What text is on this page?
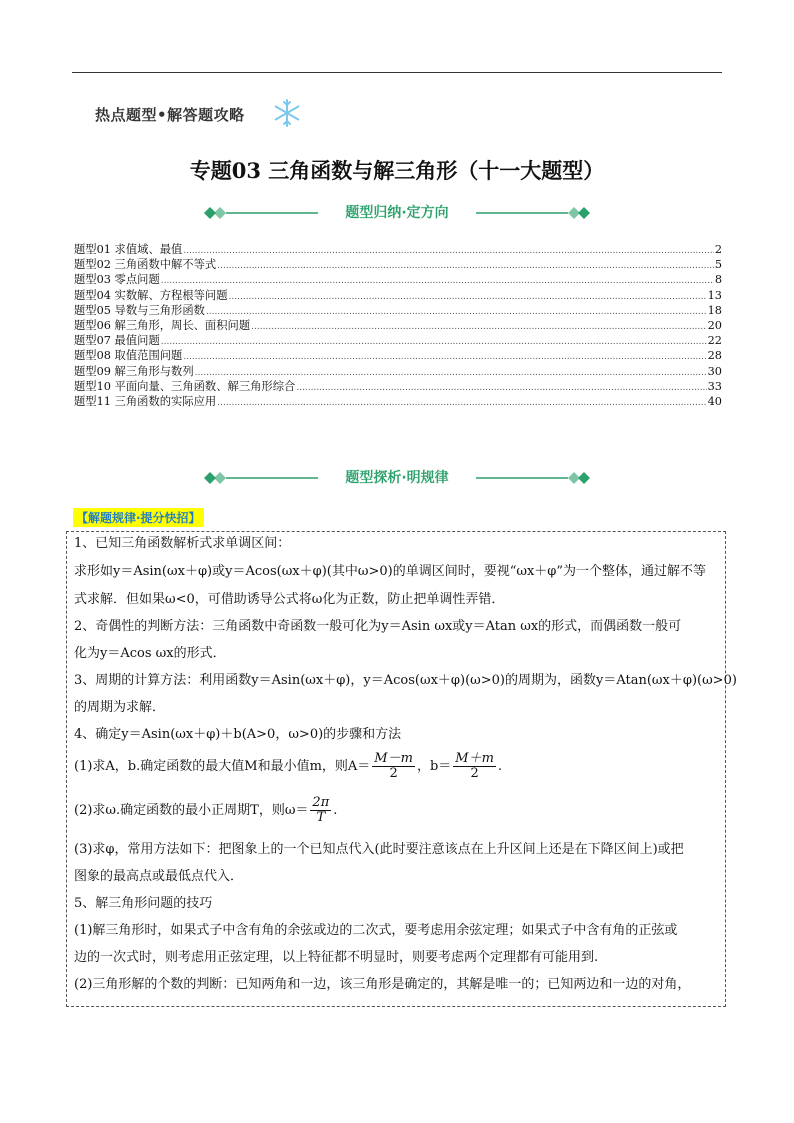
热点题型•解答题攻略
专题03 三角函数与解三角形（十一大题型）
题型归纳·定方向
题型01 求值域、最值 .....	2
题型02 三角函数中解不等式 .....	5
题型03 零点问题 .....	8
题型04 实数解、方程根等问题 .....	13
题型05 导数与三角形函数 .....	18
题型06 解三角形，周长、面积问题 .....	20
题型07 最值问题 .....	22
题型08 取值范围问题 .....	28
题型09 解三角形与数列 .....	30
题型10 平面向量、三角函数、解三角形综合 .....	33
题型11 三角函数的实际应用 .....	40
题型探析·明规律
【解题规律·提分快招】
1、已知三角函数解析式求单调区间：
求形如y＝Asin(ωx＋φ)或y＝Acos(ωx＋φ)(其中ω>0)的单调区间时，要视“ωx＋φ”为一个整体，通过解不等
式求解．但如果ω<0，可借助诱导公式将ω化为正数，防止把单调性弄错．
2、奇偶性的判断方法：三角函数中奇函数一般可化为y＝Asin ωx或y＝Atan ωx的形式，而偶函数一般可
化为y＝Acos ωx的形式．
3、周期的计算方法：利用函数y＝Asin(ωx＋φ)，y＝Acos(ωx＋φ)(ω>0)的周期为，函数y＝Atan(ωx＋φ)(ω>0)
的周期为求解．
4、确定y＝Asin(ωx＋φ)＋b(A>0，ω>0)的步骤和方法
(1)求A，b.确定函数的最大值M和最小值m，则$A= \frac{M-m}{2}$ ，$b= \frac{M+m}{2}$ .
(2)求ω.确定函数的最小正周期T，则$\omega= \frac{2\pi}{T}$ .
(3)求φ，常用方法如下：把图象上的一个已知点代入(此时要注意该点在上升区间上还是在下降区间上)或把
图象的最高点或最低点代入．
5、解三角形问题的技巧
(1)解三角形时，如果式子中含有角的余弦或边的二次式，要考虑用余弦定理；如果式子中含有角的正弦或
边的一次式时，则考虑用正弦定理，以上特征都不明显时，则要考虑两个定理都有可能用到.
(2)三角形解的个数的判断：已知两角和一边，该三角形是确定的，其解是唯一的；已知两边和一边的对角，
